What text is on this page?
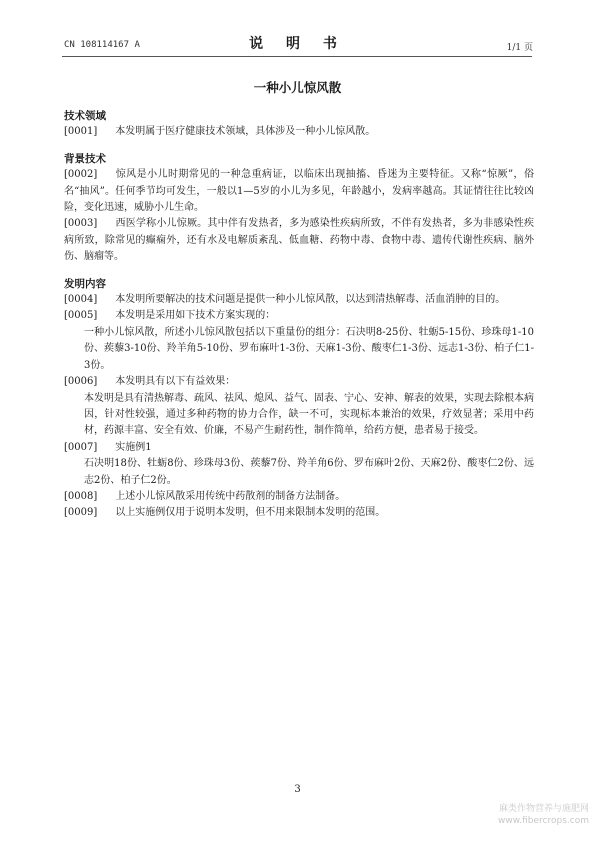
CN 108114167 A	说 明 书	1/1 页
一种小儿惊风散
技术领域

[0001] 本发明属于医疗健康技术领域，具体涉及一种小儿惊风散。

背景技术

[0002] 惊风是小儿时期常见的一种急重病证，以临床出现抽搐、昏迷为主要特征。又称“惊厥”，俗名“抽风”。任何季节均可发生，一般以1—5岁的小儿为多见，年龄越小，发病率越高。其证情往往比较凶险，变化迅速，威胁小儿生命。

[0003] 西医学称小儿惊厥。其中伴有发热者，多为感染性疾病所致，不伴有发热者，多为非感染性疾病所致，除常见的癫痫外，还有水及电解质紊乱、低血糖、药物中毒、食物中毒、遗传代谢性疾病、脑外伤、脑瘤等。

发明内容

[0004] 本发明所要解决的技术问题是提供一种小儿惊风散，以达到清热解毒、活血消肿的目的。

[0005] 本发明是采用如下技术方案实现的：

一种小儿惊风散，所述小儿惊风散包括以下重量份的组分：石决明8-25份、牡蛎5-15份、珍珠母1-10份、蒺藜3-10份、羚羊角5-10份、罗布麻叶1-3份、天麻1-3份、酸枣仁1-3份、远志1-3份、柏子仁1-3份。

[0006] 本发明具有以下有益效果：

本发明是具有清热解毒、疏风、祛风、熄风、益气、固表、宁心、安神、解表的效果，实现去除根本病因，针对性较强，通过多种药物的协力合作，缺一不可，实现标本兼治的效果，疗效显著；采用中药材，药源丰富、安全有效、价廉，不易产生耐药性，制作简单，给药方便，患者易于接受。

[0007] 实施例1

石决明18份、牡蛎8份、珍珠母3份、蒺藜7份、羚羊角6份、罗布麻叶2份、天麻2份、酸枣仁2份、远志2份、柏子仁2份。

[0008] 上述小儿惊风散采用传统中药散剂的制备方法制备。

[0009] 以上实施例仅用于说明本发明，但不用来限制本发明的范围。

3
麻类作物营养与施肥网
www.fibercrops.com
